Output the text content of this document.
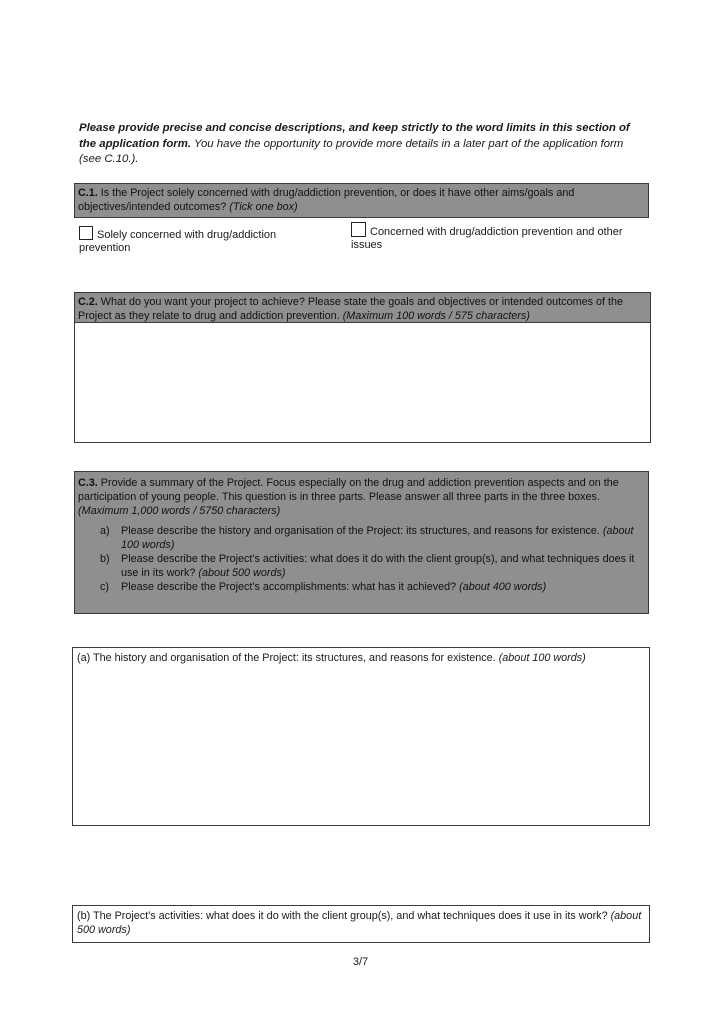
Please provide precise and concise descriptions, and keep strictly to the word limits in this section of the application form. You have the opportunity to provide more details in a later part of the application form (see C.10.).
C.1. Is the Project solely concerned with drug/addiction prevention, or does it have other aims/goals and objectives/intended outcomes? (Tick one box)
Solely concerned with drug/addiction prevention
Concerned with drug/addiction prevention and other issues
C.2. What do you want your project to achieve? Please state the goals and objectives or intended outcomes of the Project as they relate to drug and addiction prevention. (Maximum 100 words / 575 characters)
C.3. Provide a summary of the Project. Focus especially on the drug and addiction prevention aspects and on the participation of young people. This question is in three parts. Please answer all three parts in the three boxes. (Maximum 1,000 words / 5750 characters)
a) Please describe the history and organisation of the Project: its structures, and reasons for existence. (about 100 words)
b) Please describe the Project's activities: what does it do with the client group(s), and what techniques does it use in its work? (about 500 words)
c) Please describe the Project's accomplishments: what has it achieved? (about 400 words)
(a) The history and organisation of the Project: its structures, and reasons for existence. (about 100 words)
(b) The Project's activities: what does it do with the client group(s), and what techniques does it use in its work? (about 500 words)
3/7
